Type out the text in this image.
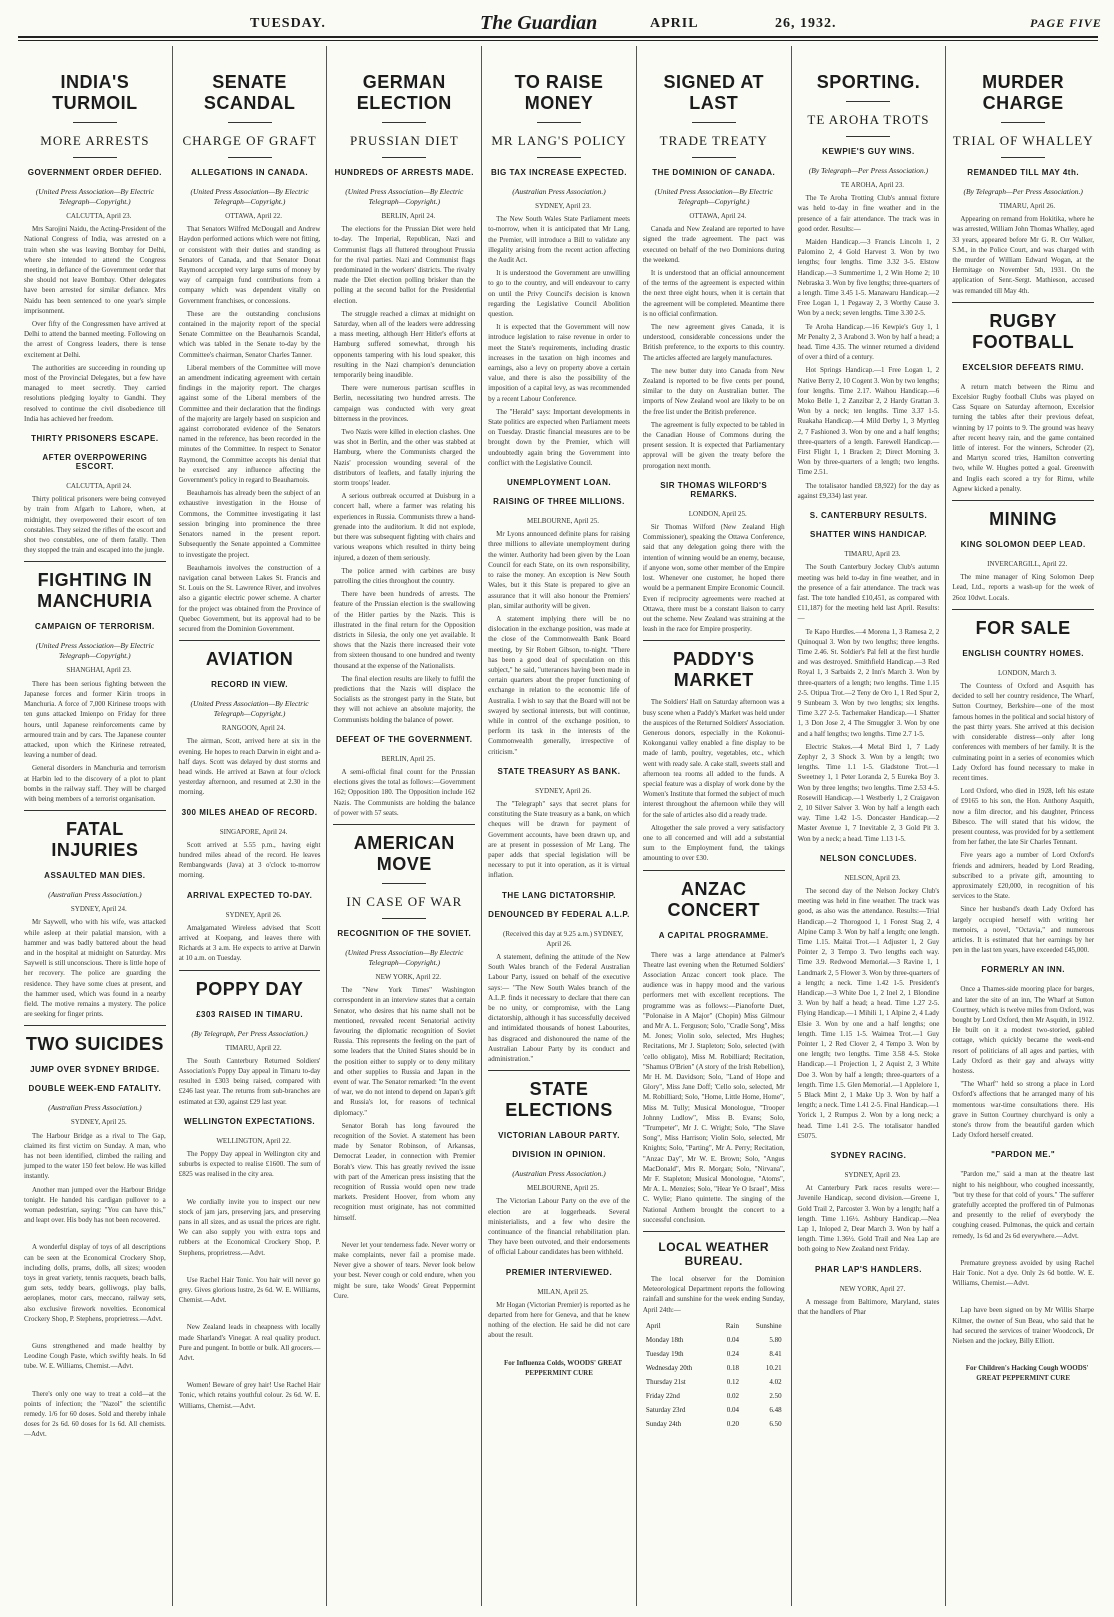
TUESDAY.	The Guardian	APRIL	26, 1932.	PAGE FIVE
INDIA'S TURMOIL
MORE ARRESTS
GOVERNMENT ORDER DEFIED.
(United Press Association—By Electric Telegraph—Copyright.)

CALCUTTA, April 23.

Mrs Sarojini Naidu, the Acting-President of the National Congress of India, was arrested on a train when she was leaving Bombay for Delhi, where she intended to attend the Congress meeting, in defiance of the Government order that she should not leave Bombay. Other delegates have been arrested for similar defiance. Mrs Naidu has been sentenced to one year's simple imprisonment.

Over fifty of the Congressmen have arrived at Delhi to attend the banned meeting. Following on the arrest of Congress leaders, there is tense excitement at Delhi.

The authorities are succeeding in rounding up most of the Provincial Delegates, but a few have managed to meet secretly. They carried resolutions pledging loyalty to Gandhi. They resolved to continue the civil disobedience till India has achieved her freedom.

THIRTY PRISONERS ESCAPE.
AFTER OVERPOWERING ESCORT.

CALCUTTA, April 24.

Thirty political prisoners were being conveyed by train from Afgarh to Lahore, when, at midnight, they overpowered their escort of ten constables. They seized the rifles of the escort and shot two constables, one of them fatally. Then they stopped the train and escaped into the jungle.

FIGHTING IN MANCHURIA
CAMPAIGN OF TERRORISM.
(United Press Association—By Electric Telegraph—Copyright.)

SHANGHAI, April 23.

There has been serious fighting between the Japanese forces and former Kirin troops in Manchuria. A force of 7,000 Kirinese troops with ten guns attacked Imienpo on Friday for three hours, until Japanese reinforcements came by armoured train and by cars. The Japanese counter attacked, upon which the Kirinese retreated, leaving a number of dead.

General disorders in Manchuria and terrorism at Harbin led to the discovery of a plot to plant bombs in the railway staff. They will be charged with being members of a terrorist organisation.

FATAL INJURIES
ASSAULTED MAN DIES.
(Australian Press Association.)

SYDNEY, April 24.

Mr Saywell, who with his wife, was attacked while asleep at their palatial mansion, with a hammer and was badly battered about the head and in the hospital at midnight on Saturday. Mrs Saywell is still unconscious. There is little hope of her recovery. The police are guarding the residence. They have some clues at present, and the hammer used, which was found in a nearby field. The motive remains a mystery. The police are seeking for finger prints.

TWO SUICIDES
JUMP OVER SYDNEY BRIDGE.
DOUBLE WEEK-END FATALITY.
(Australian Press Association.)

SYDNEY, April 25.

The Harbour Bridge as a rival to The Gap, claimed its first victim on Sunday. A man, who has not been identified, climbed the railing and jumped to the water 150 feet below. He was killed instantly.

Another man jumped over the Harbour Bridge tonight. He handed his cardigan pullover to a woman pedestrian, saying: "You can have this," and leapt over. His body has not been recovered.

A wonderful display of toys of all descriptions can be seen at the Economical Crockery Shop, including dolls, prams, dolls, all sizes; wooden toys in great variety, tennis racquets, beach balls, gum sets, teddy bears, golliwogs, play balls, aeroplanes, motor cars, meccano, railway sets, also exclusive firework novelties. Economical Crockery Shop, P. Stephens, proprietress.—Advt.

Guns strengthened and made healthy by Leodine Cough Paste, which swiftly heals. In 6d tube. W. E. Williams, Chemist.—Advt.

There's only one way to treat a cold—at the points of infection; the "Nazol" the scientific remedy. 1/6 for 60 doses. Sold and thereby inhale doses for 2s 6d. 60 doses for 1s 6d. All chemists.—Advt.

SENATE SCANDAL
CHARGE OF GRAFT
ALLEGATIONS IN CANADA.
(United Press Association—By Electric Telegraph—Copyright.)

OTTAWA, April 22.

That Senators Wilfred McDougall and Andrew Haydon performed actions which were not fitting, or consistent with their duties and standing as Senators of Canada, and that Senator Donat Raymond accepted very large sums of money by way of campaign fund contributions from a company which was dependent vitally on Government franchises, or concessions.

These are the outstanding conclusions contained in the majority report of the special Senate Committee on the Beauharnois Scandal, which was tabled in the Senate to-day by the Committee's chairman, Senator Charles Tanner.

Liberal members of the Committee will move an amendment indicating agreement with certain findings in the majority report. The charges against some of the Liberal members of the Committee and their declaration that the findings of the majority are largely based on suspicion and against corroborated evidence of the Senators named in the reference, has been recorded in the minutes of the Committee. In respect to Senator Raymond, the Committee accepts his denial that he exercised any influence affecting the Government's policy in regard to Beauharnois.

Beauharnois has already been the subject of an exhaustive investigation in the House of Commons, the Committee investigating it last session bringing into prominence the three Senators named in the present report. Subsequently the Senate appointed a Committee to investigate the project.

Beauharnois involves the construction of a navigation canal between Lakes St. Francis and St. Louis on the St. Lawrence River, and involves also a gigantic electric power scheme. A charter for the project was obtained from the Province of Quebec Government, but its approval had to be secured from the Dominion Government.

AVIATION
RECORD IN VIEW.
(United Press Association—By Electric Telegraph—Copyright.)

RANGOON, April 24.

The airman, Scott, arrived here at six in the evening. He hopes to reach Darwin in eight and a-half days. Scott was delayed by dust storms and head winds. He arrived at Bawn at four o'clock yesterday afternoon, and resumed at 2.30 in the morning.

300 MILES AHEAD OF RECORD.

SINGAPORE, April 24.

Scott arrived at 5.55 p.m., having eight hundred miles ahead of the record. He leaves Rembangwards (Java) at 3 o'clock to-morrow morning.

ARRIVAL EXPECTED TO-DAY.

SYDNEY, April 26.

Amalgamated Wireless advised that Scott arrived at Koepang, and leaves there with Richards at 3 a.m. He expects to arrive at Darwin at 10 a.m. on Tuesday.

POPPY DAY
£303 RAISED IN TIMARU.
(By Telegraph, Per Press Association.)

TIMARU, April 22.

The South Canterbury Returned Soldiers' Association's Poppy Day appeal in Timaru to-day resulted in £303 being raised, compared with £246 last year. The returns from sub-branches are estimated at £30, against £29 last year.

WELLINGTON EXPECTATIONS.

WELLINGTON, April 22.

The Poppy Day appeal in Wellington city and suburbs is expected to realise £1600. The sum of £825 was realised in the city area.

We cordially invite you to inspect our new stock of jam jars, preserving jars, and preserving pans in all sizes, and as usual the prices are right. We can also supply you with extra tops and rubbers at the Economical Crockery Shop, P. Stephens, proprietress.—Advt.

Use Rachel Hair Tonic. You hair will never go grey. Gives glorious lustre, 2s 6d. W. E. Williams, Chemist.—Advt.

New Zealand leads in cheapness with locally made Sharland's Vinegar. A real quality product. Pure and pungent. In bottle or bulk. All grocers.—Advt.

Women! Beware of grey hair! Use Rachel Hair Tonic, which retains youthful colour. 2s 6d. W. E. Williams, Chemist.—Advt.

GERMAN ELECTION
PRUSSIAN DIET
HUNDREDS OF ARRESTS MADE.
(United Press Association—By Electric Telegraph—Copyright.)

BERLIN, April 24.

The elections for the Prussian Diet were held to-day. The Imperial, Republican, Nazi and Communist flags all fluttered throughout Prussia for the rival parties. Nazi and Communist flags predominated in the workers' districts. The rivalry made the Diet election polling brisker than the polling at the second ballot for the Presidential election.

The struggle reached a climax at midnight on Saturday, when all of the leaders were addressing a mass meeting, although Herr Hitler's efforts at Hamburg suffered somewhat, through his opponents tampering with his loud speaker, this resulting in the Nazi champion's denunciation temporarily being inaudible.

There were numerous partisan scuffles in Berlin, necessitating two hundred arrests. The campaign was conducted with very great bitterness in the provinces.

Two Nazis were killed in election clashes. One was shot in Berlin, and the other was stabbed at Hamburg, where the Communists charged the Nazis' procession wounding several of the distributors of leaflets, and fatally injuring the storm troops' leader.

A serious outbreak occurred at Duisburg in a concert hall, where a farmer was relating his experiences in Russia. Communists threw a hand-grenade into the auditorium. It did not explode, but there was subsequent fighting with chairs and various weapons which resulted in thirty being injured, a dozen of them seriously.

The police armed with carbines are busy patrolling the cities throughout the country.

There have been hundreds of arrests. The feature of the Prussian election is the swallowing of the Hitler parties by the Nazis. This is illustrated in the final return for the Opposition districts in Silesia, the only one yet available. It shows that the Nazis there increased their vote from sixteen thousand to one hundred and twenty thousand at the expense of the Nationalists.

The final election results are likely to fulfil the predictions that the Nazis will displace the Socialists as the strongest party in the State, but they will not achieve an absolute majority, the Communists holding the balance of power.

DEFEAT OF THE GOVERNMENT.

BERLIN, April 25.

A semi-official final count for the Prussian elections gives the total as follows:—Government 162; Opposition 180. The Opposition include 162 Nazis. The Communists are holding the balance of power with 57 seats.

AMERICAN MOVE
IN CASE OF WAR
RECOGNITION OF THE SOVIET.
(United Press Association—By Electric Telegraph—Copyright.)

NEW YORK, April 22.

The "New York Times" Washington correspondent in an interview states that a certain Senator, who desires that his name shall not be mentioned, revealed recent Senatorial activity favouring the diplomatic recognition of Soviet Russia. This represents the feeling on the part of some leaders that the United States should be in the position either to supply or to deny military and other supplies to Russia and Japan in the event of war. The Senator remarked: "In the event of war, we do not intend to depend on Japan's gift and Russia's lot, for reasons of technical diplomacy."

Senator Borah has long favoured the recognition of the Soviet. A statement has been made by Senator Robinson, of Arkansas, Democrat Leader, in connection with Premier Borah's view. This has greatly revived the issue with part of the American press insisting that the recognition of Russia would open new trade markets. President Hoover, from whom any recognition must originate, has not committed himself.

Never let your tenderness fade. Never worry or make complaints, never fail a promise made. Never give a shower of tears. Never look below your best. Never cough or cold endure, when you might be sure, take Woods' Great Peppermint Cure.

TO RAISE MONEY
MR LANG'S POLICY
BIG TAX INCREASE EXPECTED.
(Australian Press Association.)

SYDNEY, April 23.

The New South Wales State Parliament meets to-morrow, when it is anticipated that Mr Lang, the Premier, will introduce a Bill to validate any illegality arising from the recent action affecting the Audit Act.

It is understood the Government are unwilling to go to the country, and will endeavour to carry on until the Privy Council's decision is known regarding the Legislative Council Abolition question.

It is expected that the Government will now introduce legislation to raise revenue in order to meet the State's requirements, including drastic increases in the taxation on high incomes and earnings, also a levy on property above a certain value, and there is also the possibility of the imposition of a capital levy, as was recommended by a recent Labour Conference.

The "Herald" says: Important developments in State politics are expected when Parliament meets on Tuesday. Drastic financial measures are to be brought down by the Premier, which will undoubtedly again bring the Government into conflict with the Legislative Council.

UNEMPLOYMENT LOAN.
RAISING OF THREE MILLIONS.

MELBOURNE, April 25.

Mr Lyons announced definite plans for raising three millions to alleviate unemployment during the winter. Authority had been given by the Loan Council for each State, on its own responsibility, to raise the money. An exception is New South Wales, but it this State is prepared to give an assurance that it will also honour the Premiers' plan, similar authority will be given.

A statement implying there will be no dislocation in the exchange position, was made at the close of the Commonwealth Bank Board meeting, by Sir Robert Gibson, to-night. "There has been a good deal of speculation on this subject," he said, "utterances having been made in certain quarters about the proper functioning of exchange in relation to the economic life of Australia. I wish to say that the Board will not be swayed by sectional interests, but will continue, while in control of the exchange position, to perform its task in the interests of the Commonwealth generally, irrespective of criticism."

STATE TREASURY AS BANK.

SYDNEY, April 26.

The "Telegraph" says that secret plans for constituting the State treasury as a bank, on which cheques will be drawn for payment of Government accounts, have been drawn up, and are at present in possession of Mr Lang. The paper adds that special legislation will be necessary to put it into operation, as it is virtual inflation.

THE LANG DICTATORSHIP.
DENOUNCED BY FEDERAL A.L.P.

(Received this day at 9.25 a.m.) SYDNEY, April 26.

A statement, defining the attitude of the New South Wales branch of the Federal Australian Labour Party, issued on behalf of the executive says:— "The New South Wales branch of the A.L.P. finds it necessary to declare that there can be no unity, or compromise, with the Lang dictatorship, although it has successfully deceived and intimidated thousands of honest Labourites, has disgraced and dishonoured the name of the Australian Labour Party by its conduct and administration."

STATE ELECTIONS
VICTORIAN LABOUR PARTY.
DIVISION IN OPINION.
(Australian Press Association.)

MELBOURNE, April 25.

The Victorian Labour Party on the eve of the election are at loggerheads. Several ministerialists, and a few who desire the continuance of the financial rehabilitation plan. They have been outvoted, and their endorsements of official Labour candidates has been withheld.

PREMIER INTERVIEWED.

MILAN, April 25.

Mr Hogan (Victorian Premier) is reported as he departed from here for Geneva, and that he knew nothing of the election. He said he did not care about the result.

For Influenza Colds, WOODS' GREAT PEPPERMINT CURE

SIGNED AT LAST
TRADE TREATY
THE DOMINION OF CANADA.
(United Press Association—By Electric Telegraph—Copyright.)

OTTAWA, April 24.

Canada and New Zealand are reported to have signed the trade agreement. The pact was executed on behalf of the two Dominions during the weekend.

It is understood that an official announcement of the terms of the agreement is expected within the next three eight hours, when it is certain that the agreement will be completed. Meantime there is no official confirmation.

The new agreement gives Canada, it is understood, considerable concessions under the British preference, to the exports to this country. The articles affected are largely manufactures.

The new butter duty into Canada from New Zealand is reported to be five cents per pound, similar to the duty on Australian butter. The imports of New Zealand wool are likely to be on the free list under the British preference.

The agreement is fully expected to be tabled in the Canadian House of Commons during the present session. It is expected that Parliamentary approval will be given the treaty before the prorogation next month.

SIR THOMAS WILFORD'S REMARKS.

LONDON, April 25.

Sir Thomas Wilford (New Zealand High Commissioner), speaking the Ottawa Conference, said that any delegation going there with the intention of winning would be an enemy, because, if anyone won, some other member of the Empire lost. Whenever one customer, he hoped there would be a permanent Empire Economic Council. Even if reciprocity agreements were reached at Ottawa, there must be a constant liaison to carry out the scheme. New Zealand was straining at the leash in the race for Empire prosperity.

PADDY'S MARKET

The Soldiers' Hall on Saturday afternoon was a busy scene when a Paddy's Market was held under the auspices of the Returned Soldiers' Association. Generous donors, especially in the Kokonui-Kokonganui valley enabled a fine display to be made of lamb, poultry, vegetables, etc., which went with ready sale. A cake stall, sweets stall and afternoon tea rooms all added to the funds. A special feature was a display of work done by the Women's Institute that formed the subject of much interest throughout the afternoon while they will for the sale of articles also did a ready trade.

Altogether the sale proved a very satisfactory one to all concerned and will add a substantial sum to the Employment fund, the takings amounting to over £30.

ANZAC CONCERT
A CAPITAL PROGRAMME.

There was a large attendance at Palmer's Theatre last evening when the Returned Soldiers' Association Anzac concert took place. The audience was in happy mood and the various performers met with excellent receptions. The programme was as follows:—Pianoforte Duet, "Polonaise in A Major" (Chopin) Miss Gilmour and Mr A. L. Ferguson; Solo, "Cradle Song", Miss M. Jones; Violin solo, selected, Mrs Hughes; Recitations, Mr J. Stapleton; Solo, selected (with 'cello obligato), Miss M. Robilliard; Recitation, "Shamus O'Brien" (A story of the Irish Rebellion), Mr H. M. Davidson; Solo, "Land of Hope and Glory", Miss Jane Doff; 'Cello solo, selected, Mr M. Robilliard; Solo, "Home, Little Home, Home", Miss M. Tully; Musical Monologue, "Trooper Johnny Ludlow", Miss B. Evans; Solo, "Trumpeter", Mr J. C. Wright; Solo, "The Slave Song", Miss Harrison; Violin Solo, selected, Mr Knights; Solo, "Parting", Mr A. Perry; Recitation, "Anzac Day", Mr W. E. Brown; Solo, "Angus MacDonald", Mrs R. Morgan; Solo, "Nirvana", Mr F. Stapleton; Musical Monologue, "Atoms", Mr A. L. Menzies; Solo, "Hear Ye O Israel", Miss C. Wylie; Piano quintette. The singing of the National Anthem brought the concert to a successful conclusion.

LOCAL WEATHER BUREAU.

The local observer for the Dominion Meteorological Department reports the following rainfall and sunshine for the week ending Sunday, April 24th:—

April	Rain	Sunshine
Monday 18th	0.04	5.80
Tuesday 19th	0.24	8.41
Wednesday 20th	0.18	10.21
Thursday 21st	0.12	4.02
Friday 22nd	0.02	2.50
Saturday 23rd	0.04	6.48
Sunday 24th	0.20	6.50
SPORTING.
TE AROHA TROTS
KEWPIE'S GUY WINS.
(By Telegraph—Per Press Association.)

TE AROHA, April 23.

The Te Aroha Trotting Club's annual fixture was held to-day in fine weather and in the presence of a fair attendance. The track was in good order. Results:—

Maiden Handicap.—3 Francis Lincoln 1, 2 Palomino 2, 4 Gold Harvest 3. Won by two lengths; four lengths. Time 3.32 3-5. Elstow Handicap.—3 Summertime 1, 2 Win Home 2; 10 Nebraska 3. Won by five lengths; three-quarters of a length. Time 3.45 1-5. Manawaru Handicap.—2 Free Logan 1, 1 Pegaway 2, 3 Worthy Cause 3. Won by a neck; seven lengths. Time 3.30 2-5.

Te Aroha Handicap.—16 Kewpie's Guy 1, 1 Mr Penalty 2, 3 Arabond 3. Won by half a head; a head. Time 4.35. The winner returned a dividend of over a third of a century.

Hot Springs Handicap.—1 Free Logan 1, 2 Native Berry 2, 10 Cogent 3. Won by two lengths; four lengths. Time 2.17. Waihou Handicap.—6 Moko Belle 1, 2 Zanzibar 2, 2 Hardy Grattan 3. Won by a neck; ten lengths. Time 3.37 1-5. Ruakaha Handicap.—4 Mild Derby 1, 3 Myrtleg 2, 7 Fashioned 3. Won by one and a half lengths; three-quarters of a length. Farewell Handicap.—First Flight 1, 1 Bracken 2; Direct Morning 3. Won by three-quarters of a length; two lengths. Time 2.51.

The totalisator handled £8,922) for the day as against £9,334) last year.

S. CANTERBURY RESULTS.
SHATTER WINS HANDICAP.

TIMARU, April 23.

The South Canterbury Jockey Club's autumn meeting was held to-day in fine weather, and in the presence of a fair attendance. The track was fast. The tote handled £10,451, as compared with £11,187) for the meeting held last April. Results:—

Te Kapo Hurdles.—4 Morena 1, 3 Ramesa 2, 2 Quinoqual 3. Won by two lengths; three lengths. Time 2.46. St. Soldier's Pal fell at the first hurdle and was destroyed. Smithfield Handicap.—3 Red Royal 1, 3 Sarbaids 2, 2 Inn's March 3. Won by three-quarters of a length; two lengths. Time 1.15 2-5. Otipua Trot.—2 Teny de Oro 1, 1 Red Spur 2, 9 Sunbeam 3. Won by two lengths; six lengths. Time 3.27 2-5. Tachemaker Handicap.—1 Shatter 1, 3 Don Jose 2, 4 The Smuggler 3. Won by one and a half lengths; two lengths. Time 2.7 1-5.

Electric Stakes.—4 Metal Bird 1, 7 Lady Zephyr 2, 3 Shock 3. Won by a length; two lengths. Time 1.1 1-5. Gladstone Trot.—1 Sweetney 1, 1 Peter Loranda 2, 5 Eureka Boy 3. Won by three lengths; two lengths. Time 2.53 4-5. Rosewill Handicap.—1 Westberly 1, 2 Craigavon 2, 10 Silver Salver 3. Won by half a length each way. Time 1.42 1-5. Doncaster Handicap.—2 Master Avenue 1, 7 Inevitable 2, 3 Gold Pit 3. Won by a neck; a head. Time 1.13 1-5.

NELSON CONCLUDES.

NELSON, April 23.

The second day of the Nelson Jockey Club's meeting was held in fine weather. The track was good, as also was the attendance. Results:—Trial Handicap.—2 Thorogood 1, 1 Forest Stag 2, 4 Alpine Camp 3. Won by half a length; one length. Time 1.15. Maitai Trot.—1 Adjuster 1, 2 Guy Pointer 2, 3 Tempo 3. Two lengths each way. Time 3.9. Redwood Memorial.—3 Ravine 1, 1 Landmark 2, 5 Flower 3. Won by three-quarters of a length; a neck. Time 1.42 1-5. President's Handicap.—3 White Doe 1, 2 Inel 2, 1 Blondine 3. Won by half a head; a head. Time 1.27 2-5. Flying Handicap.—1 Mihili 1, 1 Alpine 2, 4 Lady Elsie 3. Won by one and a half lengths; one length. Time 1.15 1-5. Waimea Trot.—1 Guy Pointer 1, 2 Red Clover 2, 4 Tempo 3. Won by one length; two lengths. Time 3.58 4-5. Stoke Handicap.—1 Projection 1, 2 Aquist 2, 3 White Doe 3. Won by half a length; three-quarters of a length. Time 1.5. Glen Memorial.—1 Applelore 1, 5 Black Mint 2, 1 Make Up 3. Won by half a length; a neck. Time 1.41 2-5. Final Handicap.—1 Yorick 1, 2 Rumpus 2. Won by a long neck; a head. Time 1.41 2-5. The totalisator handled £5075.

SYDNEY RACING.

SYDNEY, April 23.

At Canterbury Park races results were:—Juvenile Handicap, second division.—Greene 1, Gold Trail 2, Parcoster 3. Won by a length; half a length. Time 1.16½. Ashbury Handicap.—Nea Lap 1, Inloped 2, Dear March 3. Won by half a length. Time 1.36½. Gold Trail and Nea Lap are both going to New Zealand next Friday.

PHAR LAP'S HANDLERS.

NEW YORK, April 27.

A message from Baltimore, Maryland, states that the handlers of Phar

MURDER CHARGE
TRIAL OF WHALLEY
REMANDED TILL MAY 4th.
(By Telegraph—Per Press Association.)

TIMARU, April 26.

Appearing on remand from Hokitika, where he was arrested, William John Thomas Whalley, aged 33 years, appeared before Mr G. R. Orr Walker, S.M., in the Police Court, and was charged with the murder of William Edward Wogan, at the Hermitage on November 5th, 1931. On the application of Senr.-Sergt. Mathieson, accused was remanded till May 4th.

RUGBY FOOTBALL
EXCELSIOR DEFEATS RIMU.

A return match between the Rimu and Excelsior Rugby football Clubs was played on Cass Square on Saturday afternoon, Excelsior turning the tables after their previous defeat, winning by 17 points to 9. The ground was heavy after recent heavy rain, and the game contained little of interest. For the winners, Schroder (2), and Martyn scored tries, Hamilton converting two, while W. Hughes potted a goal. Greenwith and Inglis each scored a try for Rimu, while Agnew kicked a penalty.

MINING
KING SOLOMON DEEP LEAD.

INVERCARGILL, April 22.

The mine manager of King Solomon Deep Lead, Ltd., reports a wash-up for the week of 26oz 10dwt. Locals.

FOR SALE
ENGLISH COUNTRY HOMES.

LONDON, March 3.

The Countess of Oxford and Asquith has decided to sell her country residence, The Wharf, Sutton Courtney, Berkshire—one of the most famous homes in the political and social history of the past thirty years. She arrived at this decision with considerable distress—only after long conferences with members of her family. It is the culminating point in a series of economies which Lady Oxford has found necessary to make in recent times.

Lord Oxford, who died in 1928, left his estate of £9165 to his son, the Hon. Anthony Asquith, now a film director, and his daughter, Princess Bibesco. The will stated that his widow, the present countess, was provided for by a settlement from her father, the late Sir Charles Tennant.

Five years ago a number of Lord Oxford's friends and admirers, headed by Lord Reading, subscribed to a private gift, amounting to approximately £20,000, in recognition of his services to the State.

Since her husband's death Lady Oxford has largely occupied herself with writing her memoirs, a novel, "Octavia," and numerous articles. It is estimated that her earnings by her pen in the last ten years, have exceeded £45,000.

FORMERLY AN INN.

Once a Thames-side mooring place for barges, and later the site of an inn, The Wharf at Sutton Courtney, which is twelve miles from Oxford, was bought by Lord Oxford, then Mr Asquith, in 1912. He built on it a modest two-storied, gabled cottage, which quickly became the week-end resort of politicians of all ages and parties, with Lady Oxford as their gay and always witty hostess.

"The Wharf" held so strong a place in Lord Oxford's affections that he arranged many of his momentous war-time consultations there. His grave in Sutton Courtney churchyard is only a stone's throw from the beautiful garden which Lady Oxford herself created.

"PARDON ME."

"Pardon me," said a man at the theatre last night to his neighbour, who coughed incessantly, "but try these for that cold of yours." The sufferer gratefully accepted the proffered tin of Pulmonas and presently to the relief of everybody the coughing ceased. Pulmonas, the quick and certain remedy, 1s 6d and 2s 6d everywhere.—Advt.

Premature greyness avoided by using Rachel Hair Tonic. Not a dye. Only 2s 6d bottle. W. E. Williams, Chemist.—Advt.

Lap have been signed on by Mr Willis Sharpe Kilmer, the owner of Sun Beau, who said that he had secured the services of trainer Woodcock, Dr Nielsen and the jockey, Billy Elliott.

For Children's Hacking Cough WOODS' GREAT PEPPERMINT CURE
